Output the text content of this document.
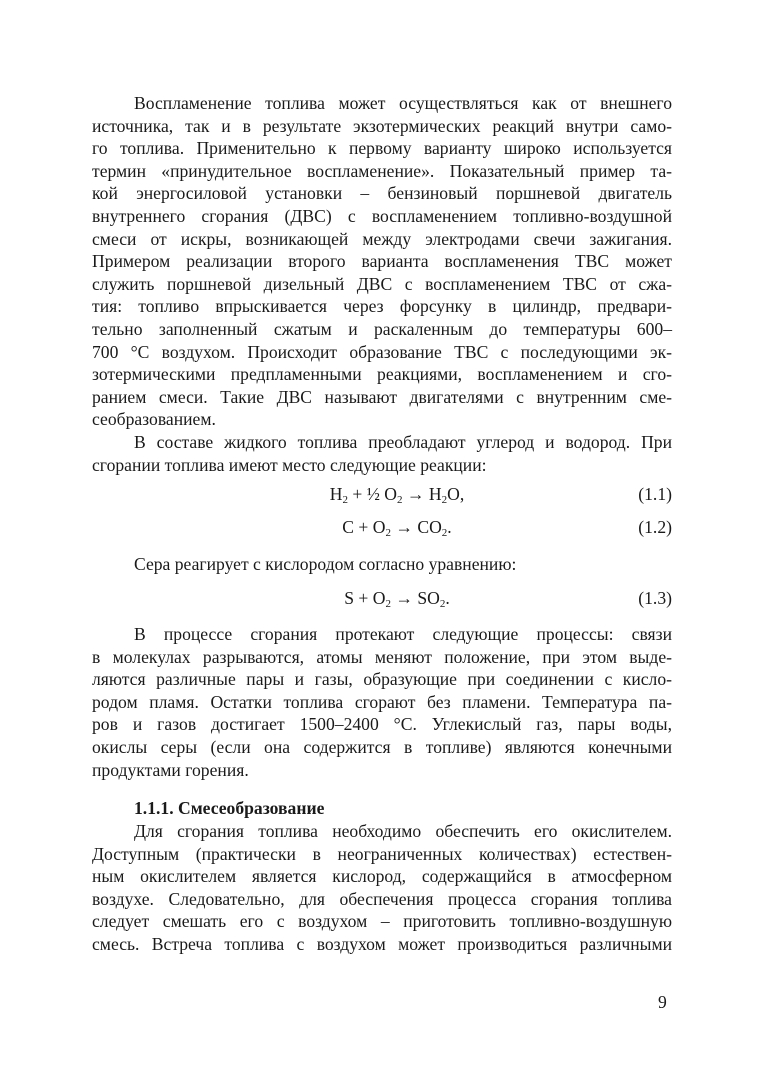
Воспламенение топлива может осуществляться как от внешнего
источника, так и в результате экзотермических реакций внутри само-
го топлива. Применительно к первому варианту широко используется
термин «принудительное воспламенение». Показательный пример та-
кой энергосиловой установки – бензиновый поршневой двигатель
внутреннего сгорания (ДВС) с воспламенением топливно-воздушной
смеси от искры, возникающей между электродами свечи зажигания.
Примером реализации второго варианта воспламенения ТВС может
служить поршневой дизельный ДВС с воспламенением ТВС от сжа-
тия: топливо впрыскивается через форсунку в цилиндр, предвари-
тельно заполненный сжатым и раскаленным до температуры 600–
700 °С воздухом. Происходит образование ТВС с последующими эк-
зотермическими предпламенными реакциями, воспламенением и сго-
ранием смеси. Такие ДВС называют двигателями с внутренним сме-
сеобразованием.

В составе жидкого топлива преобладают углерод и водород. При
сгорании топлива имеют место следующие реакции:

$H_2$ + ½ $O_2 \to H_2O$,	(1.1)
$C + O_2 \to CO_2$.	(1.2)

Сера реагирует с кислородом согласно уравнению:

$S + O_2 \to SO_2$.	(1.3)

В процессе сгорания протекают следующие процессы: связи
в молекулах разрываются, атомы меняют положение, при этом выде-
ляются различные пары и газы, образующие при соединении с кисло-
родом пламя. Остатки топлива сгорают без пламени. Температура па-
ров и газов достигает 1500–2400 °С. Углекислый газ, пары воды,
окислы серы (если она содержится в топливе) являются конечными
продуктами горения.

1.1.1. Смесеобразование

Для сгорания топлива необходимо обеспечить его окислителем.
Доступным (практически в неограниченных количествах) естествен-
ным окислителем является кислород, содержащийся в атмосферном
воздухе. Следовательно, для обеспечения процесса сгорания топлива
следует смешать его с воздухом – приготовить топливно-воздушную
смесь. Встреча топлива с воздухом может производиться различными

9
